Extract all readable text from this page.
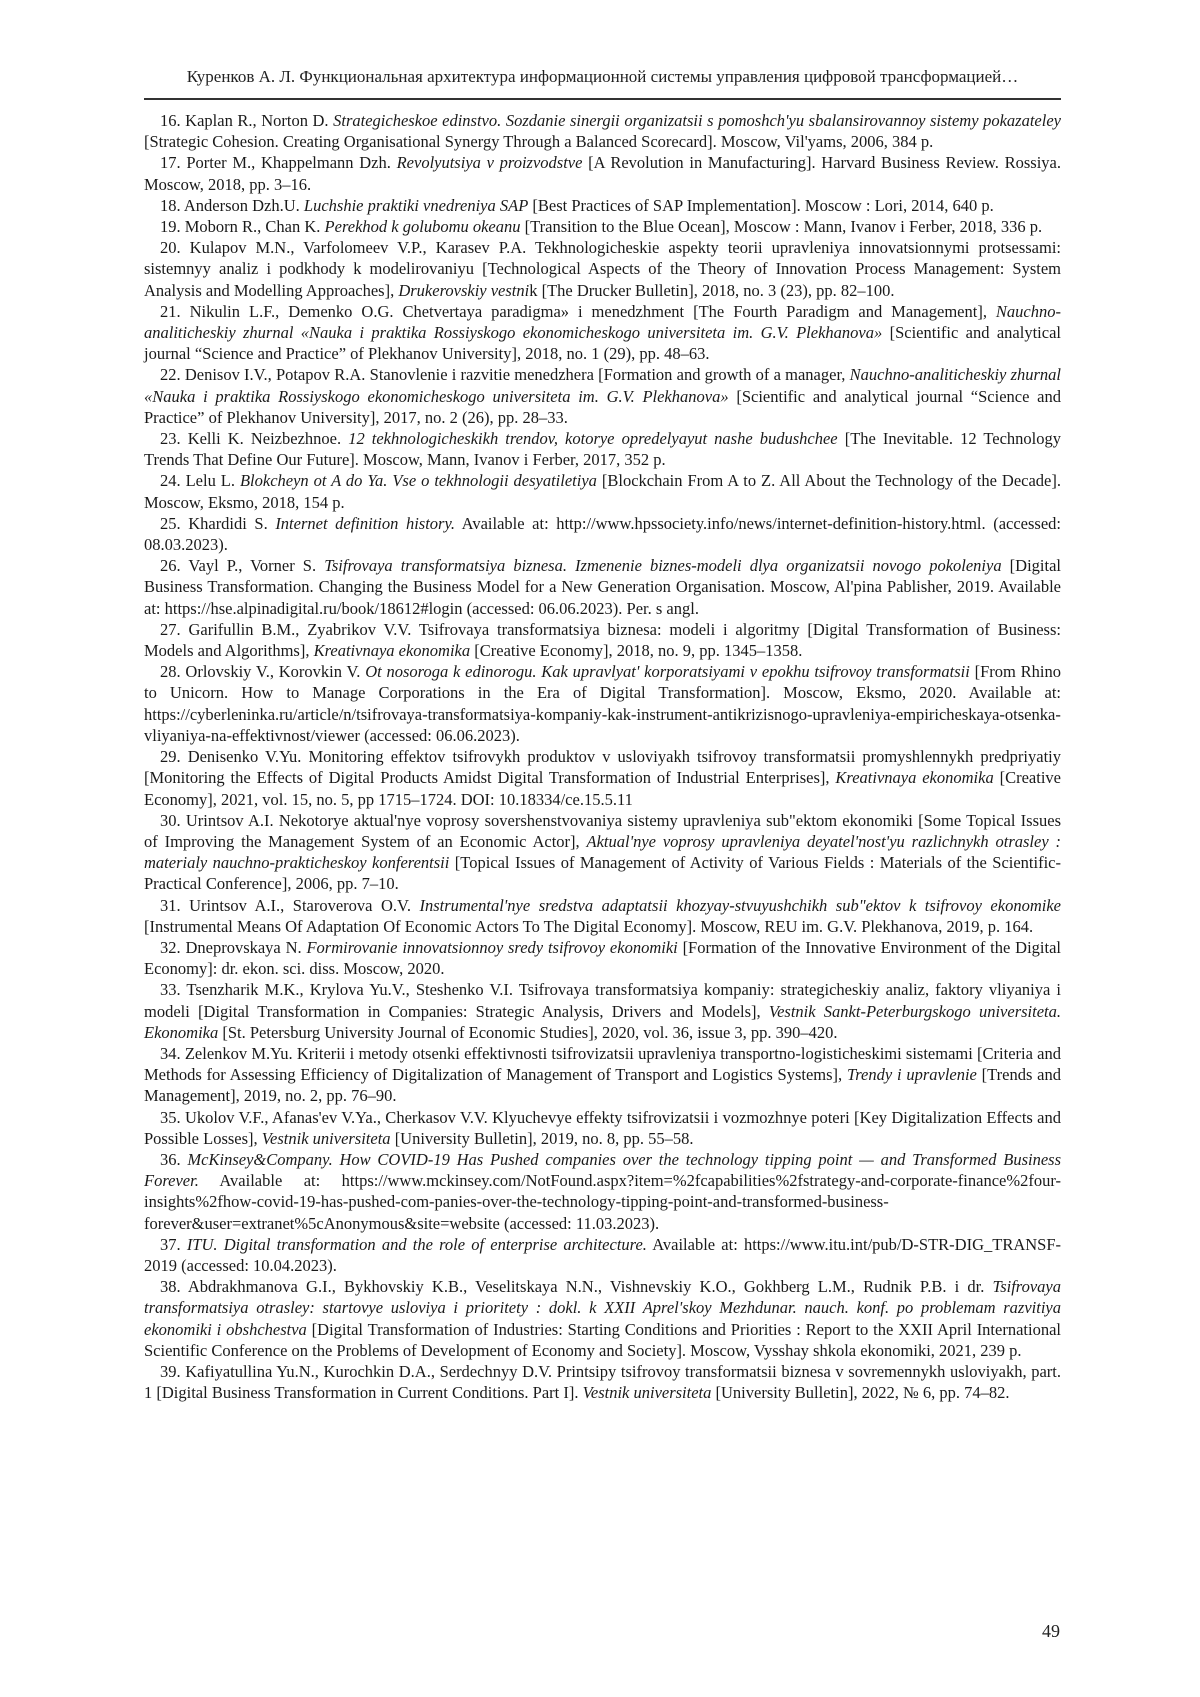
Куренков А. Л. Функциональная архитектура информационной системы управления цифровой трансформацией…

16. Kaplan R., Norton D. Strategicheskoe edinstvo. Sozdanie sinergii organizatsii s pomoshch'yu sbalansirovannoy sistemy pokazateley [Strategic Cohesion. Creating Organisational Synergy Through a Balanced Scorecard]. Moscow, Vil'yams, 2006, 384 p.

17. Porter M., Khappelmann Dzh. Revolyutsiya v proizvodstve [A Revolution in Manufacturing]. Harvard Business Review. Rossiya. Moscow, 2018, pp. 3–16.

18. Anderson Dzh.U. Luchshie praktiki vnedreniya SAP [Best Practices of SAP Implementation]. Moscow : Lori, 2014, 640 p.

19. Moborn R., Chan K. Perekhod k golubomu okeanu [Transition to the Blue Ocean], Moscow : Mann, Ivanov i Ferber, 2018, 336 p.

20. Kulapov M.N., Varfolomeev V.P., Karasev P.A. Tekhnologicheskie aspekty teorii upravleniya innovatsionnymi protsessami: sistemnyy analiz i podkhody k modelirovaniyu [Technological Aspects of the Theory of Innovation Process Management: System Analysis and Modelling Approaches], Drukerovskiy vestnik [The Drucker Bulletin], 2018, no. 3 (23), pp. 82–100.

21. Nikulin L.F., Demenko O.G. Chetvertaya paradigma» i menedzhment [The Fourth Paradigm and Management], Nauchno-analiticheskiy zhurnal «Nauka i praktika Rossiyskogo ekonomicheskogo universiteta im. G.V. Plekhanova» [Scientific and analytical journal “Science and Practice” of Plekhanov University], 2018, no. 1 (29), pp. 48–63.

22. Denisov I.V., Potapov R.A. Stanovlenie i razvitie menedzhera [Formation and growth of a manager, Nauchno-analiticheskiy zhurnal «Nauka i praktika Rossiyskogo ekonomicheskogo universiteta im. G.V. Plekhanova» [Scientific and analytical journal “Science and Practice” of Plekhanov University], 2017, no. 2 (26), pp. 28–33.

23. Kelli K. Neizbezhnoe. 12 tekhnologicheskikh trendov, kotorye opredelyayut nashe budushchee [The Inevitable. 12 Technology Trends That Define Our Future]. Moscow, Mann, Ivanov i Ferber, 2017, 352 p.

24. Lelu L. Blokcheyn ot A do Ya. Vse o tekhnologii desyatiletiya [Blockchain From A to Z. All About the Technology of the Decade]. Moscow, Eksmo, 2018, 154 p.

25. Khardidi S. Internet definition history. Available at: http://www.hpssociety.info/news/internet-definition-history.html. (accessed: 08.03.2023).

26. Vayl P., Vorner S. Tsifrovaya transformatsiya biznesa. Izmenenie biznes-modeli dlya organizatsii novogo pokoleniya [Digital Business Transformation. Changing the Business Model for a New Generation Organisation. Moscow, Al'pina Pablisher, 2019. Available at: https://hse.alpinadigital.ru/book/18612#login (accessed: 06.06.2023). Per. s angl.

27. Garifullin B.M., Zyabrikov V.V. Tsifrovaya transformatsiya biznesa: modeli i algoritmy [Digital Transformation of Business: Models and Algorithms], Kreativnaya ekonomika [Creative Economy], 2018, no. 9, pp. 1345–1358.

28. Orlovskiy V., Korovkin V. Ot nosoroga k edinorogu. Kak upravlyat' korporatsiyami v epokhu tsifrovoy transformatsii [From Rhino to Unicorn. How to Manage Corporations in the Era of Digital Transformation]. Moscow, Eksmo, 2020. Available at: https://cyberleninka.ru/article/n/tsifrovaya-transformatsiya-kompaniy-kak-instrument-antikrizisnogo-upravleniya-empiricheskaya-otsenka-vliyaniya-na-effektivnost/viewer (accessed: 06.06.2023).

29. Denisenko V.Yu. Monitoring effektov tsifrovykh produktov v usloviyakh tsifrovoy transformatsii promyshlennykh predpriyatiy [Monitoring the Effects of Digital Products Amidst Digital Transformation of Industrial Enterprises], Kreativnaya ekonomika [Creative Economy], 2021, vol. 15, no. 5, pp 1715–1724. DOI: 10.18334/ce.15.5.11

30. Urintsov A.I. Nekotorye aktual'nye voprosy sovershenstvovaniya sistemy upravleniya sub"ektom ekonomiki [Some Topical Issues of Improving the Management System of an Economic Actor], Aktual'nye voprosy upravleniya deyatel'nost'yu razlichnykh otrasley : materialy nauchno-prakticheskoy konferentsii [Topical Issues of Management of Activity of Various Fields : Materials of the Scientific-Practical Conference], 2006, pp. 7–10.

31. Urintsov A.I., Staroverova O.V. Instrumental'nye sredstva adaptatsii khozyay-stvuyushchikh sub"ektov k tsifrovoy ekonomike [Instrumental Means Of Adaptation Of Economic Actors To The Digital Economy]. Moscow, REU im. G.V. Plekhanova, 2019, p. 164.

32. Dneprovskaya N. Formirovanie innovatsionnoy sredy tsifrovoy ekonomiki [Formation of the Innovative Environment of the Digital Economy]: dr. ekon. sci. diss. Moscow, 2020.

33. Tsenzharik M.K., Krylova Yu.V., Steshenko V.I. Tsifrovaya transformatsiya kompaniy: strategicheskiy analiz, faktory vliyaniya i modeli [Digital Transformation in Companies: Strategic Analysis, Drivers and Models], Vestnik Sankt-Peterburgskogo universiteta. Ekonomika [St. Petersburg University Journal of Economic Studies], 2020, vol. 36, issue 3, pp. 390–420.

34. Zelenkov M.Yu. Kriterii i metody otsenki effektivnosti tsifrovizatsii upravleniya transportno-logisticheskimi sistemami [Criteria and Methods for Assessing Efficiency of Digitalization of Management of Transport and Logistics Systems], Trendy i upravlenie [Trends and Management], 2019, no. 2, pp. 76–90.

35. Ukolov V.F., Afanas'ev V.Ya., Cherkasov V.V. Klyuchevye effekty tsifrovizatsii i vozmozhnye poteri [Key Digitalization Effects and Possible Losses], Vestnik universiteta [University Bulletin], 2019, no. 8, pp. 55–58.

36. McKinsey&Company. How COVID-19 Has Pushed companies over the technology tipping point — and Transformed Business Forever. Available at: https://www.mckinsey.com/NotFound.aspx?item=%2fcapabilities%2fstrategy-and-corporate-finance%2four-insights%2fhow-covid-19-has-pushed-com-panies-over-the-technology-tipping-point-and-transformed-business-forever&user=extranet%5cAnonymous&site=website (accessed: 11.03.2023).

37. ITU. Digital transformation and the role of enterprise architecture. Available at: https://www.itu.int/pub/D-STR-DIG_TRANSF-2019 (accessed: 10.04.2023).

38. Abdrakhmanova G.I., Bykhovskiy K.B., Veselitskaya N.N., Vishnevskiy K.O., Gokhberg L.M., Rudnik P.B. i dr. Tsifrovaya transformatsiya otrasley: startovye usloviya i prioritety : dokl. k XXII Aprel'skoy Mezhdunar. nauch. konf. po problemam razvitiya ekonomiki i obshchestva [Digital Transformation of Industries: Starting Conditions and Priorities : Report to the XXII April International Scientific Conference on the Problems of Development of Economy and Society]. Moscow, Vysshay shkola ekonomiki, 2021, 239 p.

39. Kafiyatullina Yu.N., Kurochkin D.A., Serdechnyy D.V. Printsipy tsifrovoy transformatsii biznesa v sovremennykh usloviyakh, part. 1 [Digital Business Transformation in Current Conditions. Part I]. Vestnik universiteta [University Bulletin], 2022, № 6, pp. 74–82.

49
